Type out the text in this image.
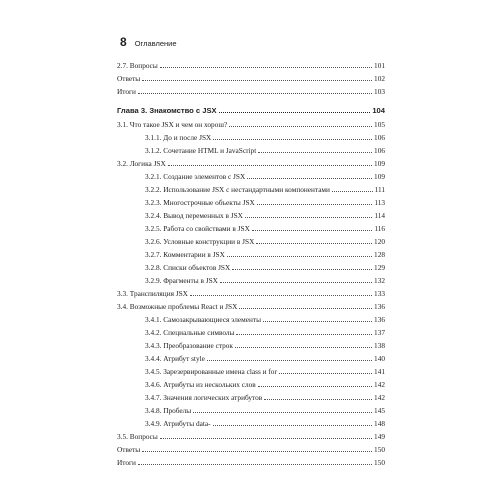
8 Оглавление
2.7. Вопросы	101
Ответы	102
Итоги	103
Глава 3. Знакомство с JSX	104
3.1. Что такое JSX и чем он хорош?	105
3.1.1. До и после JSX	106
3.1.2. Сочетание HTML и JavaScript	106
3.2. Логика JSX	109
3.2.1. Создание элементов с JSX	109
3.2.2. Использование JSX с нестандартными компонентами	111
3.2.3. Многострочные объекты JSX	113
3.2.4. Вывод переменных в JSX	114
3.2.5. Работа со свойствами в JSX	116
3.2.6. Условные конструкции в JSX	120
3.2.7. Комментарии в JSX	128
3.2.8. Списки объектов JSX	129
3.2.9. Фрагменты в JSX	132
3.3. Транспиляция JSX	133
3.4. Возможные проблемы React и JSX	136
3.4.1. Самозакрывающиеся элементы	136
3.4.2. Специальные символы	137
3.4.3. Преобразование строк	138
3.4.4. Атрибут style	140
3.4.5. Зарезервированные имена class и for	141
3.4.6. Атрибуты из нескольких слов	142
3.4.7. Значения логических атрибутов	142
3.4.8. Пробелы	145
3.4.9. Атрибуты data-	148
3.5. Вопросы	149
Ответы	150
Итоги	150
